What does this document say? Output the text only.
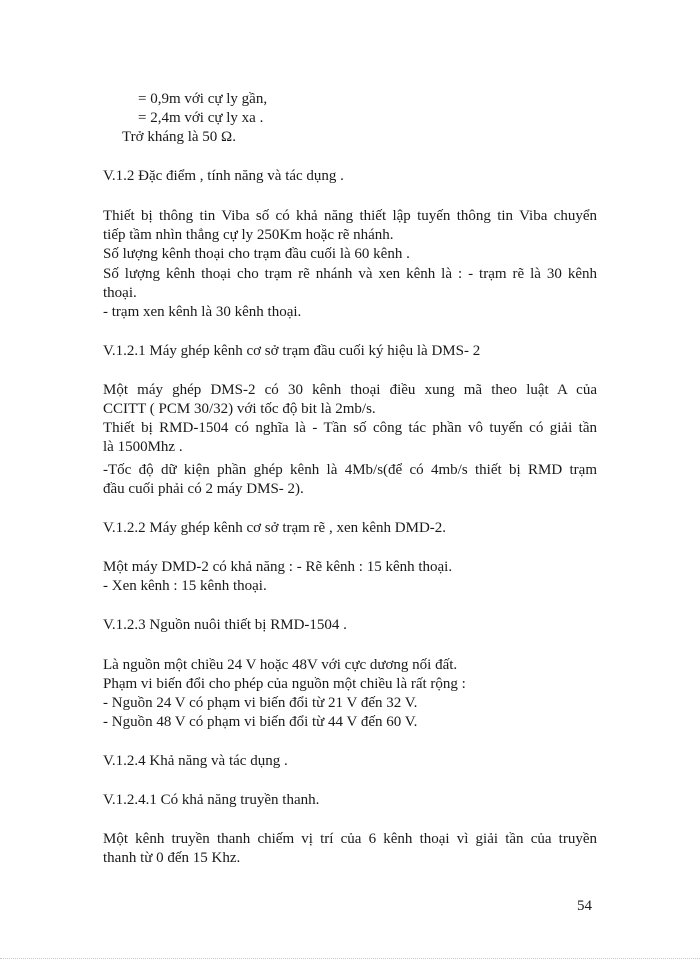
= 0,9m với cự ly gần,
= 2,4m với cự ly xa .
Trở kháng là 50 Ω.
V.1.2 Đặc điểm , tính năng và tác dụng .
Thiết bị thông tin Viba số có khả năng thiết lập tuyến thông tin Viba chuyển
tiếp tầm nhìn thẳng cự ly 250Km hoặc rẽ nhánh.
Số lượng kênh thoại cho trạm đầu cuối là 60 kênh .
Số lượng kênh thoại cho trạm rẽ nhánh và xen kênh là : - trạm rẽ là 30 kênh
thoại.
- trạm xen kênh là 30 kênh thoại.
V.1.2.1 Máy ghép kênh cơ sở trạm đầu cuối ký hiệu là DMS- 2
Một máy ghép DMS-2 có 30 kênh thoại điều xung mã theo luật A của
CCITT ( PCM 30/32) với tốc độ bit là 2mb/s.
Thiết bị RMD-1504 có nghĩa là - Tần số công tác phần vô tuyến có giải tần
là 1500Mhz .
-Tốc độ dữ kiện phần ghép kênh là 4Mb/s(để có 4mb/s thiết bị RMD trạm
đầu cuối phải có 2 máy DMS- 2).
V.1.2.2 Máy ghép kênh cơ sở trạm rẽ , xen kênh DMD-2.
Một máy DMD-2 có khả năng : - Rẽ kênh : 15 kênh thoại.
- Xen kênh : 15 kênh thoại.
V.1.2.3 Nguồn nuôi thiết bị RMD-1504 .
Là nguồn một chiều 24 V hoặc 48V với cực dương nối đất.
Phạm vi biến đổi cho phép của nguồn một chiều là rất rộng :
- Nguồn 24 V có phạm vi biến đổi từ 21 V đến 32 V.
- Nguồn 48 V có phạm vi biến đổi từ 44 V đến 60 V.
V.1.2.4 Khả năng và tác dụng .
V.1.2.4.1 Có khả năng truyền thanh.
Một kênh truyền thanh chiếm vị trí của 6 kênh thoại vì giải tần của truyền
thanh từ 0 đến 15 Khz.
54
